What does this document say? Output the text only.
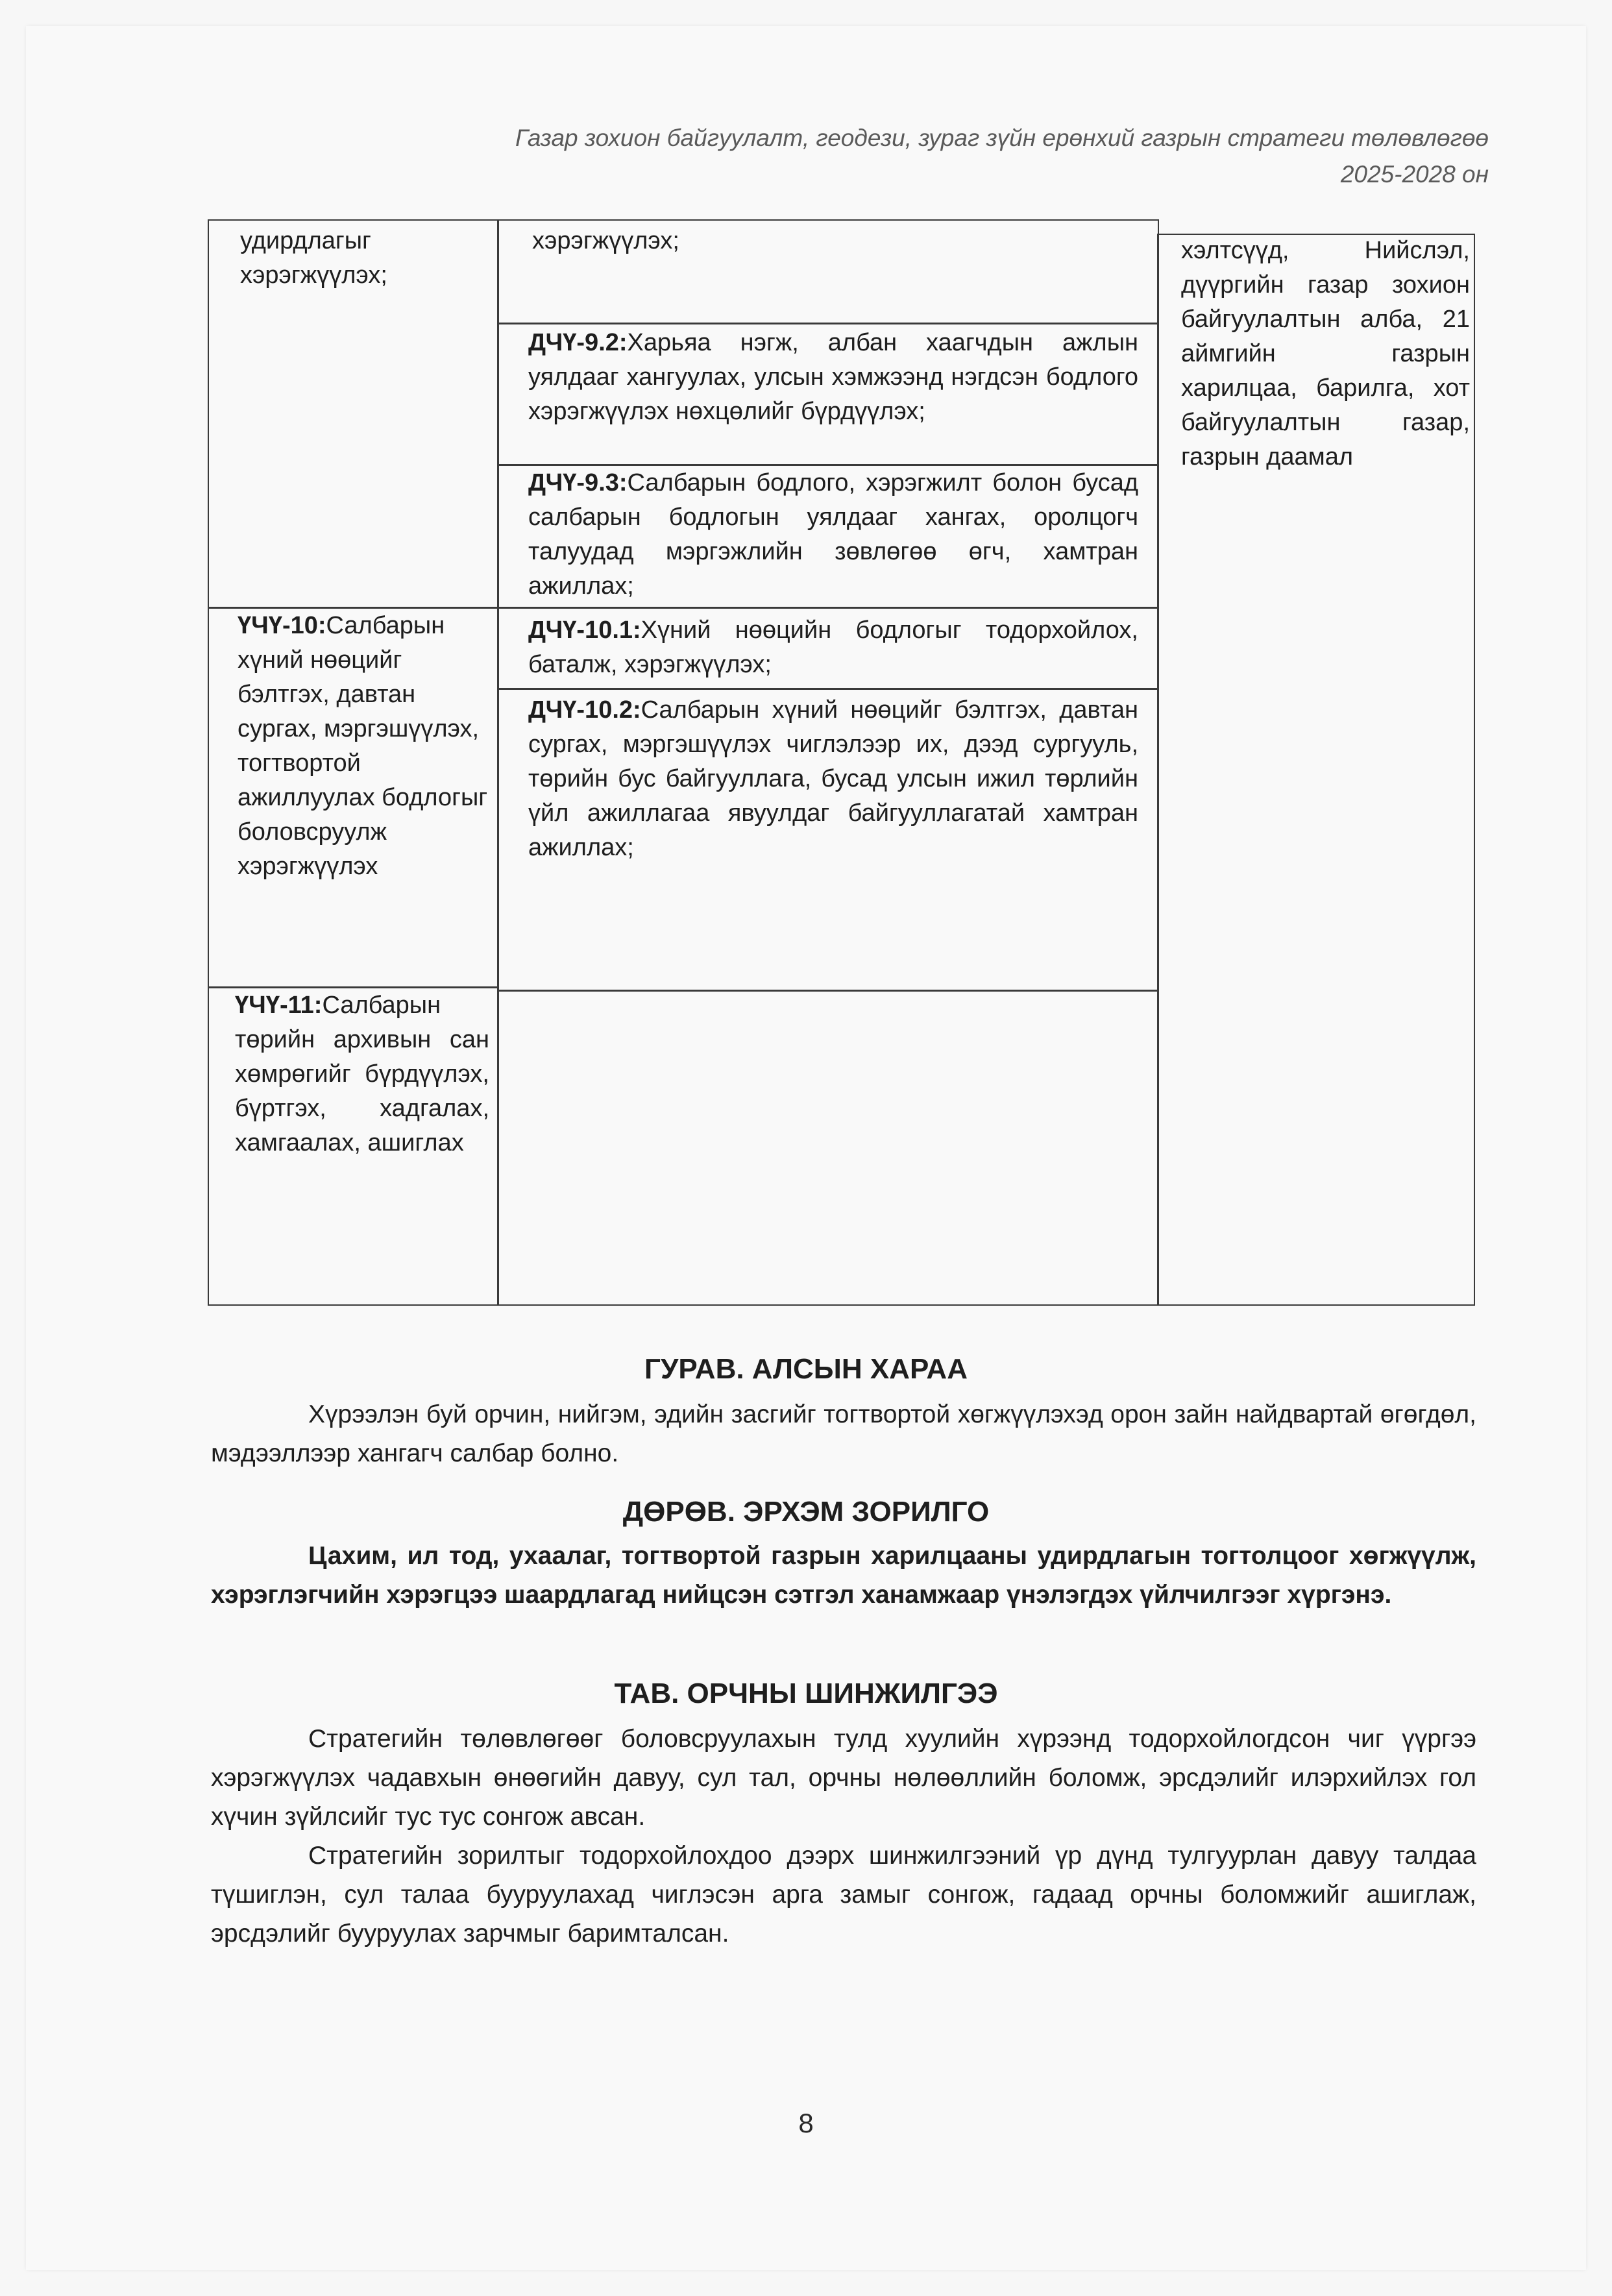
Газар зохион байгуулалт, геодези, зураг зүйн ерөнхий газрын стратеги төлөвлөгөө
2025-2028 он
удирдлагыг хэрэгжүүлэх;
ҮЧҮ-10:Салбарын хүний нөөцийг бэлтгэх, давтан сургах, мэргэшүүлэх, тогтвортой ажиллуулах бодлогыг боловсруулж хэрэгжүүлэх
ҮЧҮ-11:Салбарын төрийн архивын сан хөмрөгийг бүрдүүлэх, бүртгэх, хадгалах, хамгаалах, ашиглах
хэрэгжүүлэх;
ДЧҮ-9.2:Харьяа нэгж, албан хаагчдын ажлын уялдааг хангуулах, улсын хэмжээнд нэгдсэн бодлого хэрэгжүүлэх нөхцөлийг бүрдүүлэх;
ДЧҮ-9.3:Салбарын бодлого, хэрэгжилт болон бусад салбарын бодлогын уялдааг хангах, оролцогч талуудад мэргэжлийн зөвлөгөө өгч, хамтран ажиллах;
ДЧҮ-10.1:Хүний нөөцийн бодлогыг тодорхойлох, баталж, хэрэгжүүлэх;
ДЧҮ-10.2:Салбарын хүний нөөцийг бэлтгэх, давтан сургах, мэргэшүүлэх чиглэлээр их, дээд сургууль, төрийн бус байгууллага, бусад улсын ижил төрлийн үйл ажиллагаа явуулдаг байгууллагатай хамтран ажиллах;
хэлтсүүд, Нийслэл, дүүргийн газар зохион байгуулалтын алба, 21 аймгийн газрын харилцаа, барилга, хот байгуулалтын газар, газрын даамал
ГУРАВ. АЛСЫН ХАРАА
Хүрээлэн буй орчин, нийгэм, эдийн засгийг тогтвортой хөгжүүлэхэд орон зайн найдвартай өгөгдөл, мэдээллээр хангагч салбар болно.
ДӨРӨВ. ЭРХЭМ ЗОРИЛГО
Цахим, ил тод, ухаалаг, тогтвортой газрын харилцааны удирдлагын тогтолцоог хөгжүүлж, хэрэглэгчийн хэрэгцээ шаардлагад нийцсэн сэтгэл ханамжаар үнэлэгдэх үйлчилгээг хүргэнэ.
ТАВ. ОРЧНЫ ШИНЖИЛГЭЭ
Стратегийн төлөвлөгөөг боловсруулахын тулд хуулийн хүрээнд тодорхойлогдсон чиг үүргээ хэрэгжүүлэх чадавхын өнөөгийн давуу, сул тал, орчны нөлөөллийн боломж, эрсдэлийг илэрхийлэх гол хүчин зүйлсийг тус тус сонгож авсан.
Стратегийн зорилтыг тодорхойлохдоо дээрх шинжилгээний үр дүнд тулгуурлан давуу талдаа түшиглэн, сул талаа бууруулахад чиглэсэн арга замыг сонгож, гадаад орчны боломжийг ашиглаж, эрсдэлийг бууруулах зарчмыг баримталсан.
8
